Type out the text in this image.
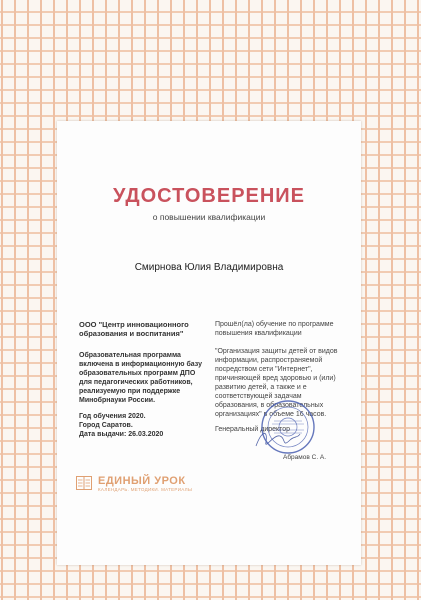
УДОСТОВЕРЕНИЕ
о повышении квалификации
Смирнова Юлия Владимировна
ООО "Центр инновационного образования и воспитания"
Образовательная программа включена в информационную базу образовательных программ ДПО для педагогических работников, реализуемую при поддержке Минобрнауки России.
Год обучения 2020.
Город Саратов.
Дата выдачи: 26.03.2020
Прошёл(ла) обучение по программе повышения квалификации
"Организация защиты детей от видов информации, распространяемой посредством сети "Интернет", причиняющей вред здоровью и (или) развитию детей, а также и е соответствующей задачам образования, в образовательных организациях" в объеме 16 часов.
Генеральный директор
Абрамов С. А.
ЕДИНЫЙ УРОК
КАЛЕНДАРЬ. МЕТОДИКИ. МАТЕРИАЛЫ
